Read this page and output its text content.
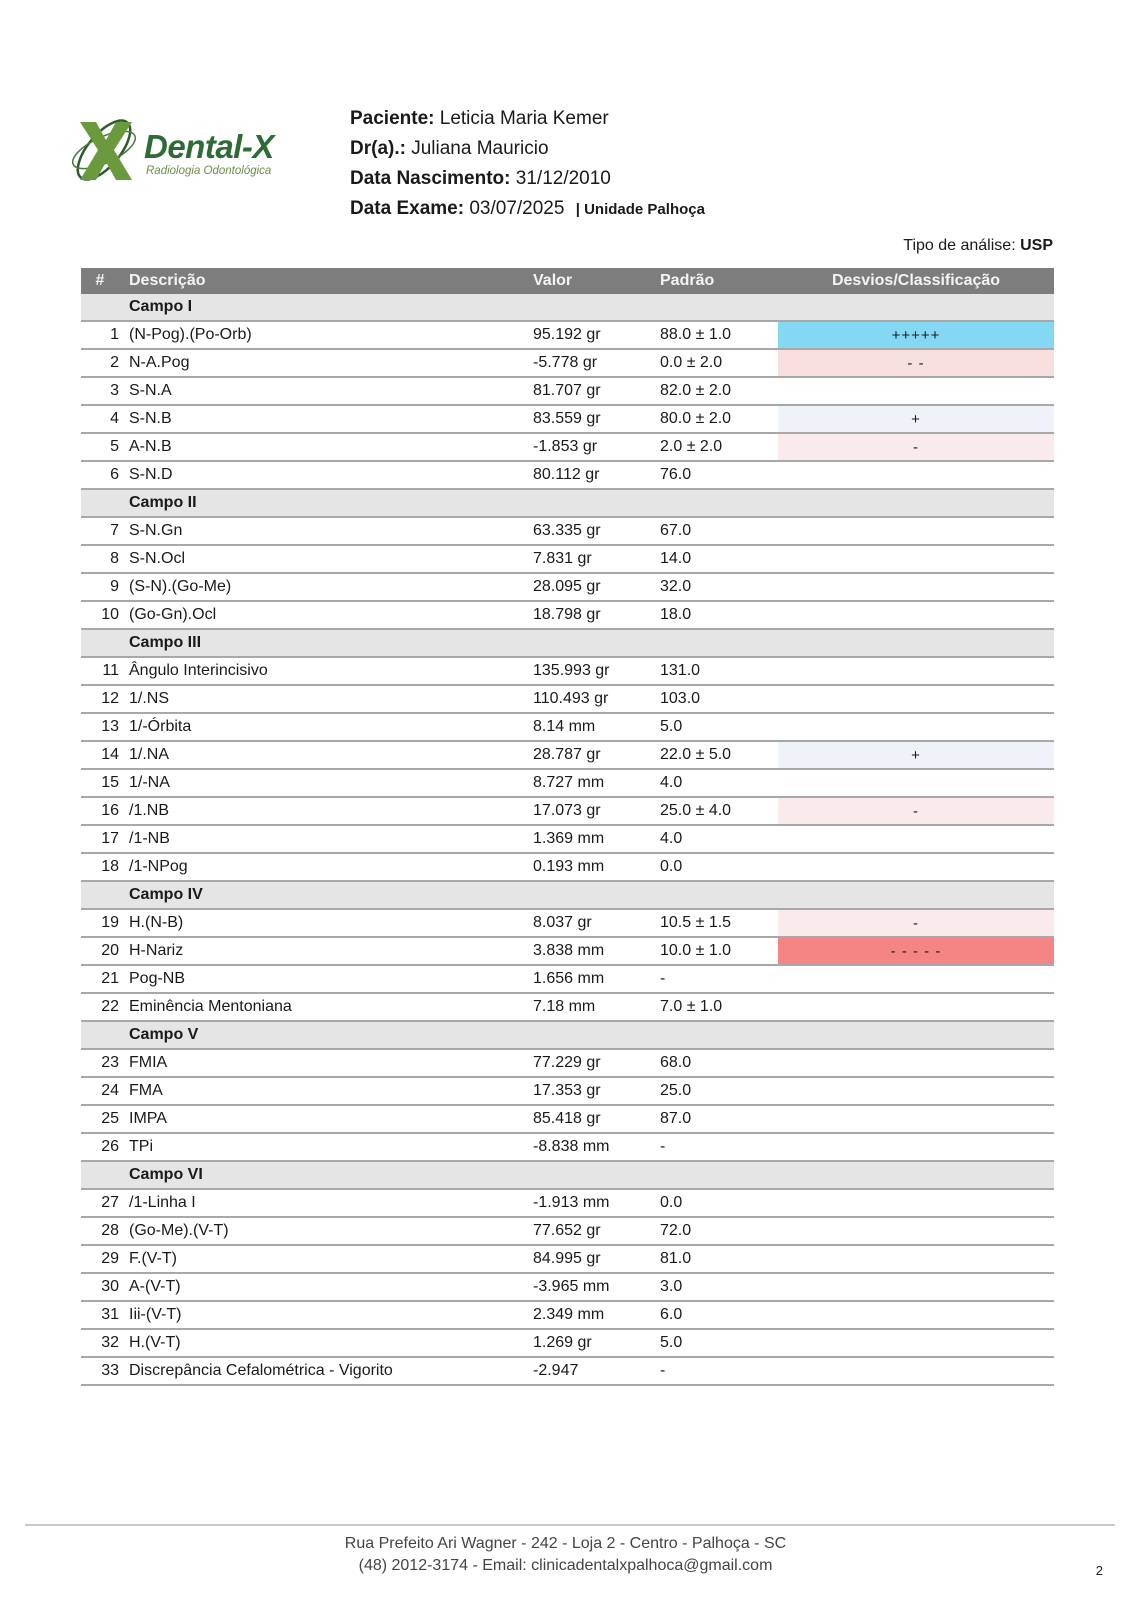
Dental-X
Radiologia Odontológica
Paciente: Leticia Maria Kemer
Dr(a).: Juliana Mauricio
Data Nascimento: 31/12/2010
Data Exame: 03/07/2025 | Unidade Palhoça
Tipo de análise: USP
#	Descrição	Valor	Padrão	Desvios/Classificação
	Campo I			
1	(N-Pog).(Po-Orb)	95.192 gr	88.0 ± 1.0	+++++
2	N-A.Pog	-5.778 gr	0.0 ± 2.0	- -
3	S-N.A	81.707 gr	82.0 ± 2.0	
4	S-N.B	83.559 gr	80.0 ± 2.0	+
5	A-N.B	-1.853 gr	2.0 ± 2.0	-
6	S-N.D	80.112 gr	76.0	
	Campo II			
7	S-N.Gn	63.335 gr	67.0	
8	S-N.Ocl	7.831 gr	14.0	
9	(S-N).(Go-Me)	28.095 gr	32.0	
10	(Go-Gn).Ocl	18.798 gr	18.0	
	Campo III			
11	Ângulo Interincisivo	135.993 gr	131.0	
12	1/.NS	110.493 gr	103.0	
13	1/-Órbita	8.14 mm	5.0	
14	1/.NA	28.787 gr	22.0 ± 5.0	+
15	1/-NA	8.727 mm	4.0	
16	/1.NB	17.073 gr	25.0 ± 4.0	-
17	/1-NB	1.369 mm	4.0	
18	/1-NPog	0.193 mm	0.0	
	Campo IV			
19	H.(N-B)	8.037 gr	10.5 ± 1.5	-
20	H-Nariz	3.838 mm	10.0 ± 1.0	- - - - -
21	Pog-NB	1.656 mm	-	
22	Eminência Mentoniana	7.18 mm	7.0 ± 1.0	
	Campo V			
23	FMIA	77.229 gr	68.0	
24	FMA	17.353 gr	25.0	
25	IMPA	85.418 gr	87.0	
26	TPi	-8.838 mm	-	
	Campo VI			
27	/1-Linha I	-1.913 mm	0.0	
28	(Go-Me).(V-T)	77.652 gr	72.0	
29	F.(V-T)	84.995 gr	81.0	
30	A-(V-T)	-3.965 mm	3.0	
31	Iii-(V-T)	2.349 mm	6.0	
32	H.(V-T)	1.269 gr	5.0	
33	Discrepância Cefalométrica - Vigorito	-2.947	-	
Rua Prefeito Ari Wagner - 242 - Loja 2 - Centro - Palhoça - SC
(48) 2012-3174 - Email: clinicadentalxpalhoca@gmail.com	2
